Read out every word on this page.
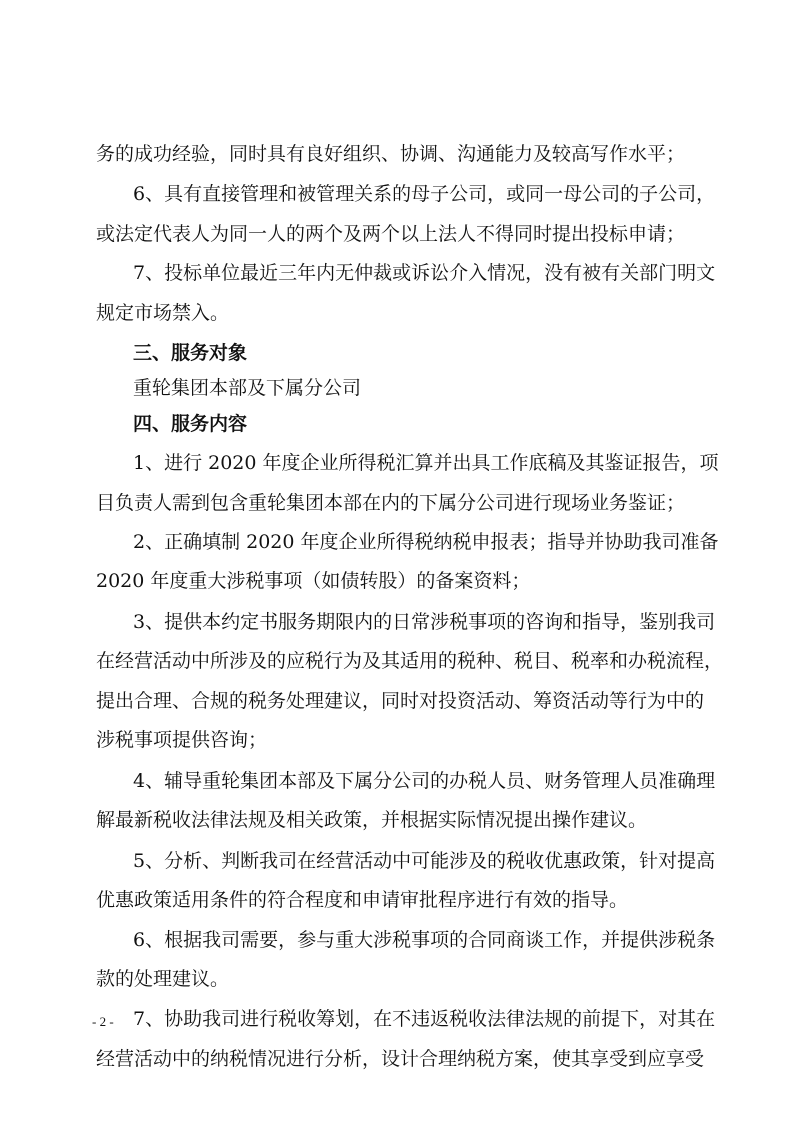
务的成功经验，同时具有良好组织、协调、沟通能力及较高写作水平；
6、具有直接管理和被管理关系的母子公司，或同一母公司的子公司，
或法定代表人为同一人的两个及两个以上法人不得同时提出投标申请；
7、投标单位最近三年内无仲裁或诉讼介入情况，没有被有关部门明文
规定市场禁入。
三、服务对象
重轮集团本部及下属分公司
四、服务内容
1、进行 2020 年度企业所得税汇算并出具工作底稿及其鉴证报告，项
目负责人需到包含重轮集团本部在内的下属分公司进行现场业务鉴证；
2、正确填制 2020 年度企业所得税纳税申报表；指导并协助我司准备
2020 年度重大涉税事项（如债转股）的备案资料；
3、提供本约定书服务期限内的日常涉税事项的咨询和指导，鉴别我司
在经营活动中所涉及的应税行为及其适用的税种、税目、税率和办税流程，
提出合理、合规的税务处理建议，同时对投资活动、筹资活动等行为中的
涉税事项提供咨询；
4、辅导重轮集团本部及下属分公司的办税人员、财务管理人员准确理
解最新税收法律法规及相关政策，并根据实际情况提出操作建议。
5、分析、判断我司在经营活动中可能涉及的税收优惠政策，针对提高
优惠政策适用条件的符合程度和申请审批程序进行有效的指导。
6、根据我司需要，参与重大涉税事项的合同商谈工作，并提供涉税条
款的处理建议。
7、协助我司进行税收筹划，在不违返税收法律法规的前提下，对其在
经营活动中的纳税情况进行分析，设计合理纳税方案，使其享受到应享受
- 2 -
